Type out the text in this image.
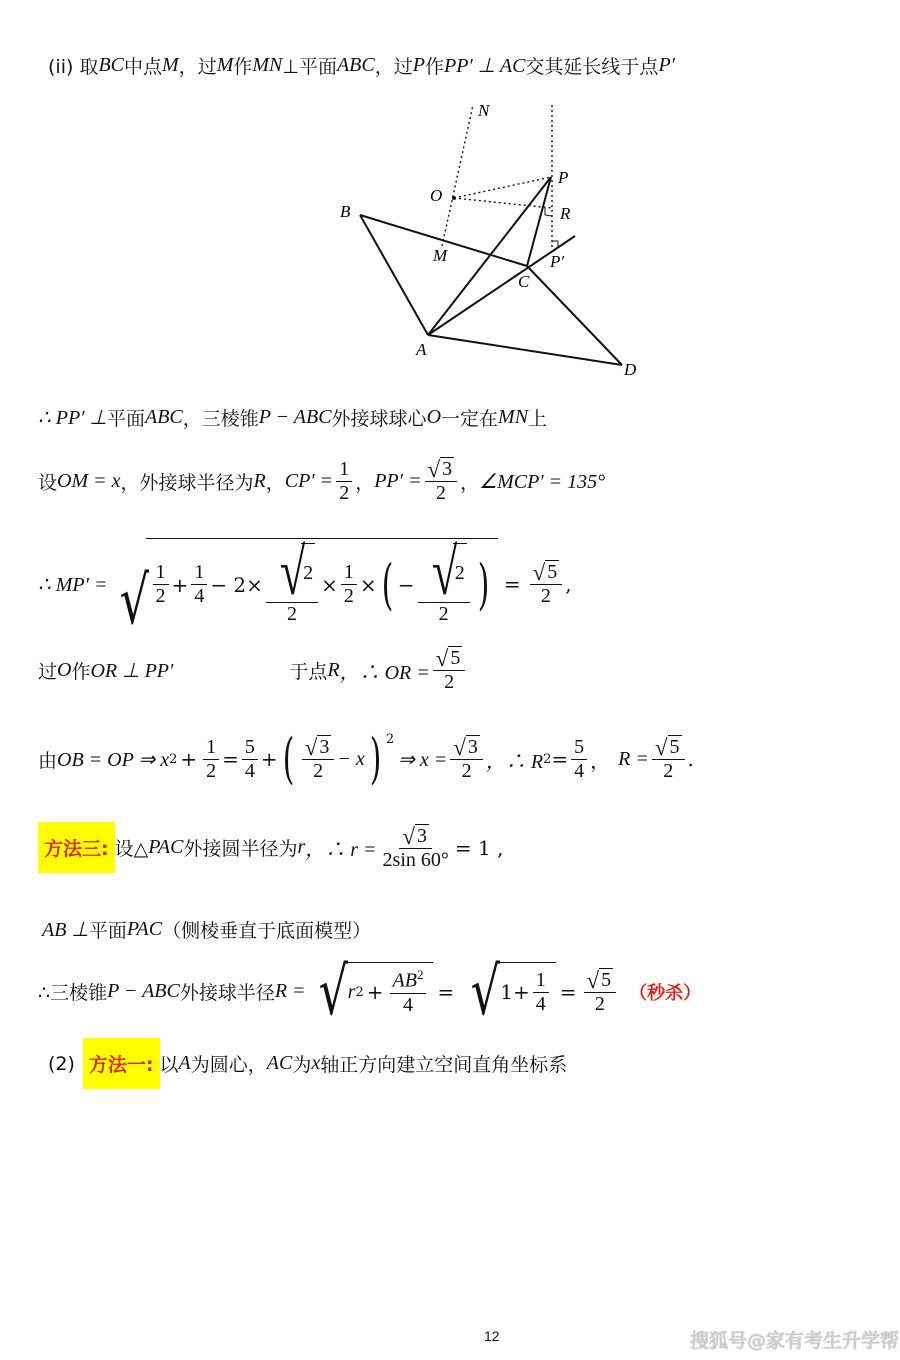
(ii) 取 BC 中点 M ，过 M 作 MN ⊥平面 ABC ，过 P 作 PP′ ⊥ AC 交其延长线于点 P′
N
O
P
R
B
M
C
P′
A
D
∴ PP′ ⊥ 平面 ABC ，三棱锥 P − ABC 外接球球心 O 一定在 MN 上
设 OM = x ，外接球半径为 R ， $CP' = \frac{1}{2}$ ， $PP' = \frac{√ 3}{2}$ ， ∠MCP′ = 135°
∴ MP′ = √ $\frac{1}{2} + \frac{1}{4} - 2\times$ √
2
$2 \times \frac{1}{2}$ × ( − √
2
2 ) = $\frac{√ 5}{2}$ ,
过 O 作 OR ⊥ PP′	于点 R ，∴ OR = $\frac{√ 5}{2}$
由 OB = OP ⇒ x $2 + \frac{1}{2} = \frac{5}{4}$ + ( $\frac{√ 3}{2} - x$ ) 2
⇒ $x = \frac{√ 3}{2}$ ，∴ R $2 = \frac{5}{4}$ ， $R = \frac{√ 5}{2}$ .
方法三: 设△ PAC 外接圆半径为 r ，∴ $r = \frac{√ 3}{2\sin 60^\circ} = 1$ ,
AB ⊥ 平面 PAC （侧棱垂直于底面模型）
∴三棱锥 P − ABC 外接球半径 R = √ r $2 + \frac{AB^2}{4}$ = √ $1+ \frac{1}{4} = \frac{√ 5}{2}$ （秒杀）
(2) 方法一: 以 A 为圆心， AC 为 x 轴正方向建立空间直角坐标系
12	搜狐号@家有考生升学帮
